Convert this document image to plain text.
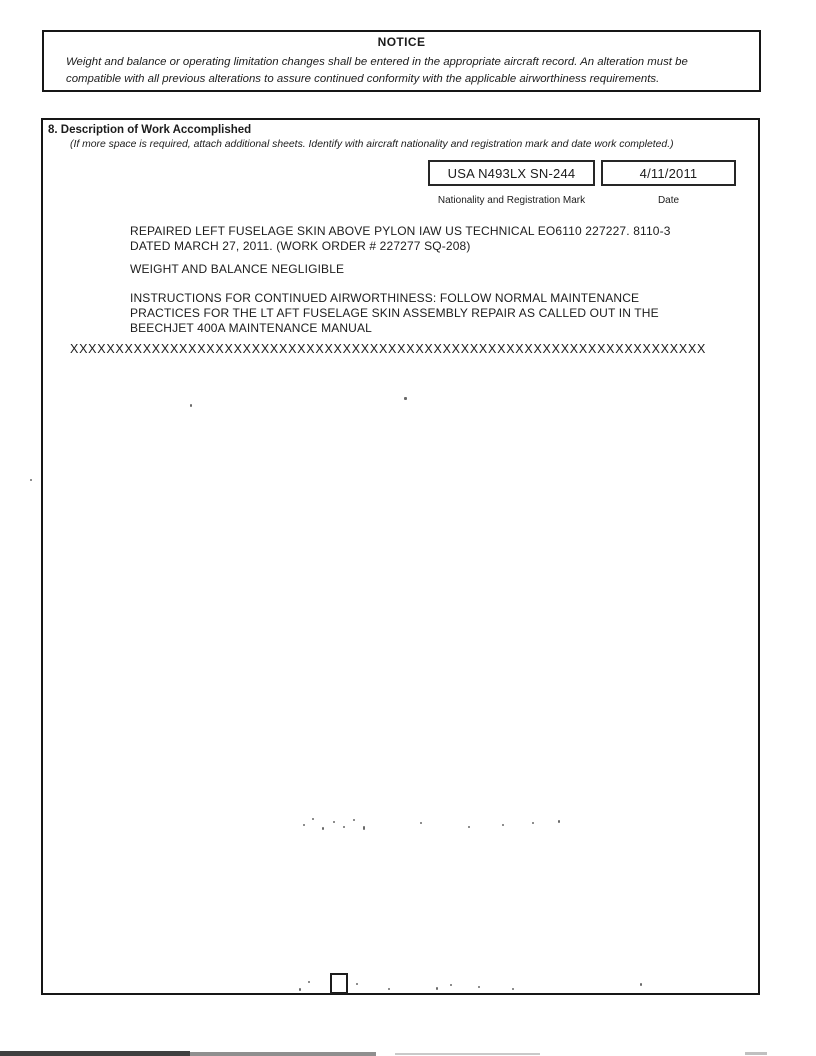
NOTICE
Weight and balance or operating limitation changes shall be entered in the appropriate aircraft record. An alteration must be compatible with all previous alterations to assure continued conformity with the applicable airworthiness requirements.
8. Description of Work Accomplished
(If more space is required, attach additional sheets. Identify with aircraft nationality and registration mark and date work completed.)
USA N493LX SN-244	4/11/2011
Nationality and Registration Mark	Date
REPAIRED LEFT FUSELAGE SKIN ABOVE PYLON IAW US TECHNICAL EO6110 227227. 8110-3
DATED MARCH 27, 2011. (WORK ORDER # 227277 SQ-208)
WEIGHT AND BALANCE NEGLIGIBLE
INSTRUCTIONS FOR CONTINUED AIRWORTHINESS: FOLLOW NORMAL MAINTENANCE
PRACTICES FOR THE LT AFT FUSELAGE SKIN ASSEMBLY REPAIR AS CALLED OUT IN THE
BEECHJET 400A MAINTENANCE MANUAL
XXXXXXXXXXXXXXXXXXXXXXXXXXXXXXXXXXXXXXXXXXXXXXXXXXXXXXXXXXXXXXXXXXXXXX
